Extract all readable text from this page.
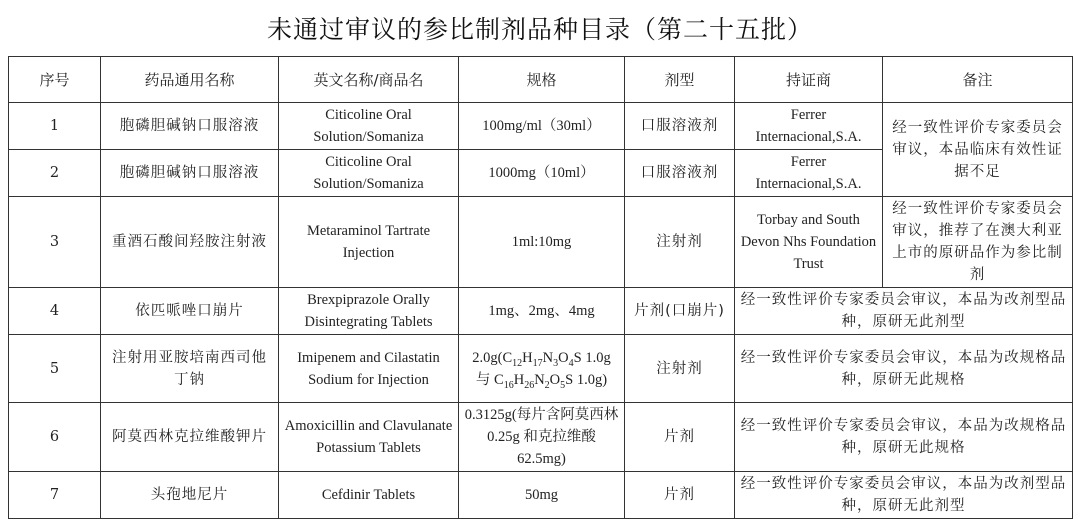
未通过审议的参比制剂品种目录（第二十五批）
序号	药品通用名称	英文名称/商品名	规格	剂型	持证商	备注
1	胞磷胆碱钠口服溶液	Citicoline Oral Solution/Somaniza	100mg/ml（30ml）	口服溶液剂	Ferrer Internacional,S.A.	经一致性评价专家委员会审议，本品临床有效性证据不足
2	胞磷胆碱钠口服溶液	Citicoline Oral Solution/Somaniza	1000mg（10ml）	口服溶液剂	Ferrer Internacional,S.A.	
3	重酒石酸间羟胺注射液	Metaraminol Tartrate Injection	1ml:10mg	注射剂	Torbay and South Devon Nhs Foundation Trust	经一致性评价专家委员会审议，推荐了在澳大利亚上市的原研品作为参比制剂
4	依匹哌唑口崩片	Brexpiprazole Orally Disintegrating Tablets	1mg、2mg、4mg	片剂(口崩片)	经一致性评价专家委员会审议，本品为改剂型品种，原研无此剂型	
5	注射用亚胺培南西司他丁钠	Imipenem and Cilastatin Sodium for Injection	$2.0g(C_{12}H_{17}N_3O_4S$ 1.0g 与 $C_{16}H_{26}N_2O_5S$ 1.0g)	注射剂	经一致性评价专家委员会审议，本品为改规格品种，原研无此规格	
6	阿莫西林克拉维酸钾片	Amoxicillin and Clavulanate Potassium Tablets	0.3125g(每片含阿莫西林 0.25g 和克拉维酸 62.5mg)	片剂	经一致性评价专家委员会审议，本品为改规格品种，原研无此规格	
7	头孢地尼片	Cefdinir Tablets	50mg	片剂	经一致性评价专家委员会审议，本品为改剂型品种，原研无此剂型	
